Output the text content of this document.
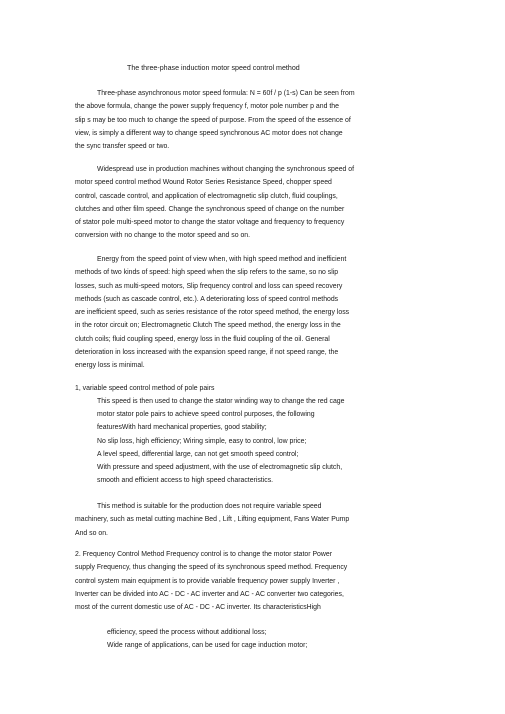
The three-phase induction motor speed control method
Three-phase asynchronous motor speed formula: N = 60f / p (1-s) Can be seen from
the above formula, change the power supply frequency f, motor pole number p and the
slip s may be too much to change the speed of purpose. From the speed of the essence of
view, is simply a different way to change speed synchronous AC motor does not change
the sync transfer speed or two.
Widespread use in production machines without changing the synchronous speed of
motor speed control method Wound Rotor Series Resistance Speed, chopper speed
control, cascade control, and application of electromagnetic slip clutch, fluid couplings,
clutches and other film speed. Change the synchronous speed of change on the number
of stator pole multi-speed motor to change the stator voltage and frequency to frequency
conversion with no change to the motor speed and so on.
Energy from the speed point of view when, with high speed method and inefficient
methods of two kinds of speed: high speed when the slip refers to the same, so no slip
losses, such as multi-speed motors, Slip frequency control and loss can speed recovery
methods (such as cascade control, etc.). A deteriorating loss of speed control methods
are inefficient speed, such as series resistance of the rotor speed method, the energy loss
in the rotor circuit on; Electromagnetic Clutch The speed method, the energy loss in the
clutch coils; fluid coupling speed, energy loss in the fluid coupling of the oil. General
deterioration in loss increased with the expansion speed range, if not speed range, the
energy loss is minimal.
1, variable speed control method of pole pairs
This speed is then used to change the stator winding way to change the red cage
motor stator pole pairs to achieve speed control purposes, the following
featuresWith hard mechanical properties, good stability;
No slip loss, high efficiency; Wiring simple, easy to control, low price;
A level speed, differential large, can not get smooth speed control;
With pressure and speed adjustment, with the use of electromagnetic slip clutch,
smooth and efficient access to high speed characteristics.
This method is suitable for the production does not require variable speed
machinery, such as metal cutting machine Bed , Lift , Lifting equipment, Fans Water Pump
And so on.
2. Frequency Control Method Frequency control is to change the motor stator Power
supply Frequency, thus changing the speed of its synchronous speed method. Frequency
control system main equipment is to provide variable frequency power supply Inverter ,
Inverter can be divided into AC - DC - AC inverter and AC - AC converter two categories,
most of the current domestic use of AC - DC - AC inverter. Its characteristicsHigh
efficiency, speed the process without additional loss;
Wide range of applications, can be used for cage induction motor;
